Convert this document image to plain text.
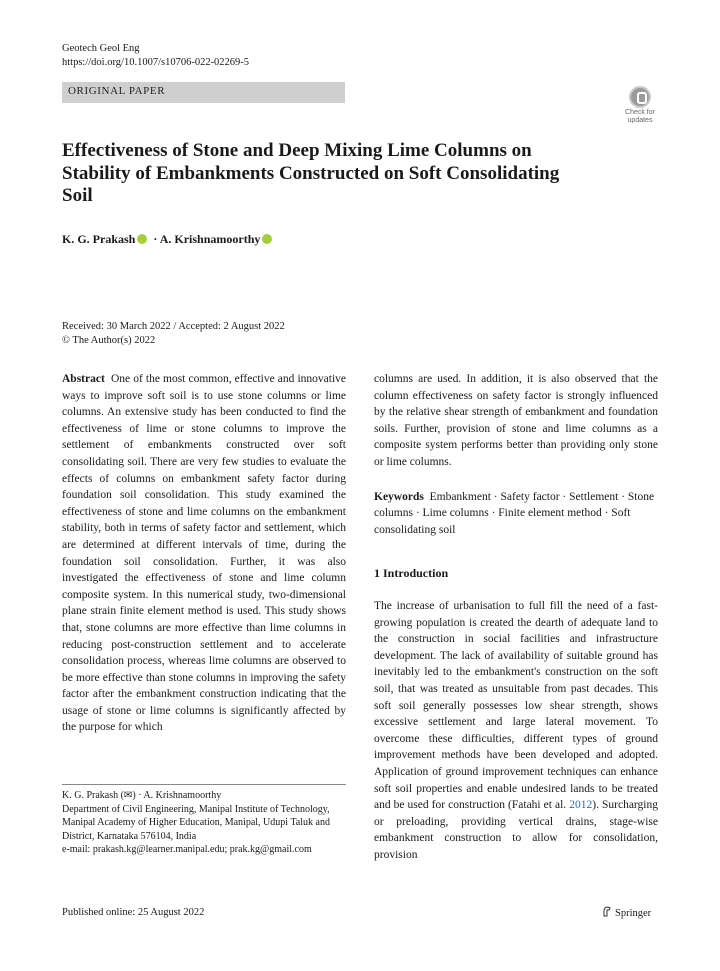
Geotech Geol Eng
https://doi.org/10.1007/s10706-022-02269-5
ORIGINAL PAPER
Check for updates
Effectiveness of Stone and Deep Mixing Lime Columns on Stability of Embankments Constructed on Soft Consolidating Soil
K. G. Prakash · A. Krishnamoorthy
Received: 30 March 2022 / Accepted: 2 August 2022
© The Author(s) 2022

Abstract One of the most common, effective and innovative ways to improve soft soil is to use stone columns or lime columns. An extensive study has been conducted to find the effectiveness of lime or stone columns to improve the settlement of embankments constructed over soft consolidating soil. There are very few studies to evaluate the effects of columns on embankment safety factor during foundation soil consolidation. This study examined the effectiveness of stone and lime columns on the embankment stability, both in terms of safety factor and settlement, which are determined at different intervals of time, during the foundation soil consolidation. Further, it was also investigated the effectiveness of stone and lime column composite system. In this numerical study, two-dimensional plane strain finite element method is used. This study shows that, stone columns are more effective than lime columns in reducing post-construction settlement and to accelerate consolidation process, whereas lime columns are observed to be more effective than stone columns in improving the safety factor after the embankment construction indicating that the usage of stone or lime columns is significantly affected by the purpose for which

columns are used. In addition, it is also observed that the column effectiveness on safety factor is strongly influenced by the relative shear strength of embankment and foundation soils. Further, provision of stone and lime columns as a composite system performs better than providing only stone or lime columns.

Keywords Embankment · Safety factor · Settlement · Stone columns · Lime columns · Finite element method · Soft consolidating soil

1 Introduction

The increase of urbanisation to full fill the need of a fast-growing population is created the dearth of adequate land to the construction in social facilities and infrastructure development. The lack of availability of suitable ground has inevitably led to the embankment's construction on the soft soil, that was treated as unsuitable from past decades. This soft soil generally possesses low shear strength, shows excessive settlement and large lateral movement. To overcome these difficulties, different types of ground improvement methods have been developed and adopted. Application of ground improvement techniques can enhance soft soil properties and enable undesired lands to be treated and be used for construction (Fatahi et al. 2012). Surcharging or preloading, providing vertical drains, stage-wise embankment construction to allow for consolidation, provision

K. G. Prakash (✉) · A. Krishnamoorthy
Department of Civil Engineering, Manipal Institute of Technology, Manipal Academy of Higher Education, Manipal, Udupi Taluk and District, Karnataka 576104, India
e-mail: prakash.kg@learner.manipal.edu; prak.kg@gmail.com
Published online: 25 August 2022	Springer
